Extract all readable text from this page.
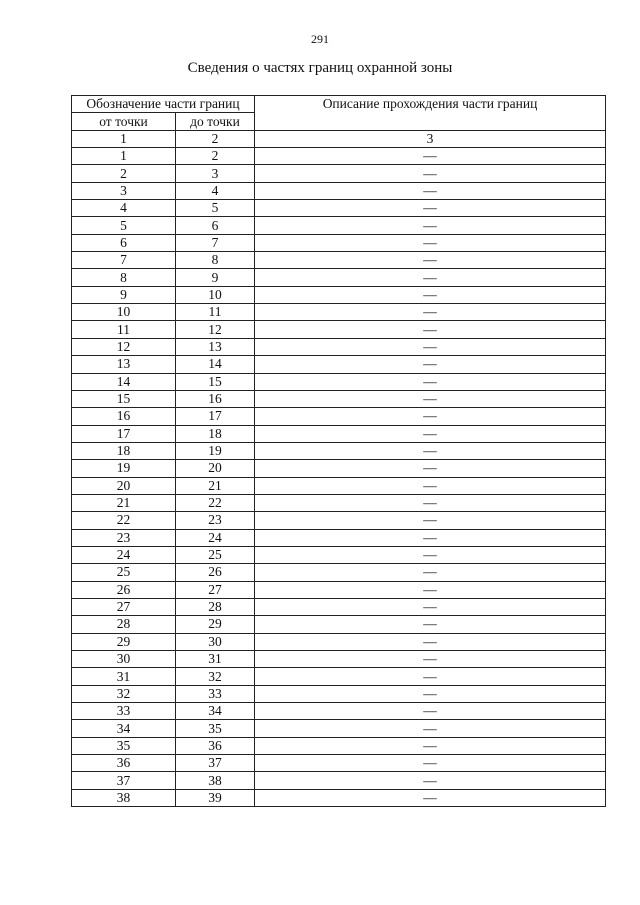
291
Сведения о частях границ охранной зоны
Обозначение части границ		Описание прохождения части границ
от точки	до точки	
1	2	3
1	2	—
2	3	—
3	4	—
4	5	—
5	6	—
6	7	—
7	8	—
8	9	—
9	10	—
10	11	—
11	12	—
12	13	—
13	14	—
14	15	—
15	16	—
16	17	—
17	18	—
18	19	—
19	20	—
20	21	—
21	22	—
22	23	—
23	24	—
24	25	—
25	26	—
26	27	—
27	28	—
28	29	—
29	30	—
30	31	—
31	32	—
32	33	—
33	34	—
34	35	—
35	36	—
36	37	—
37	38	—
38	39	—
